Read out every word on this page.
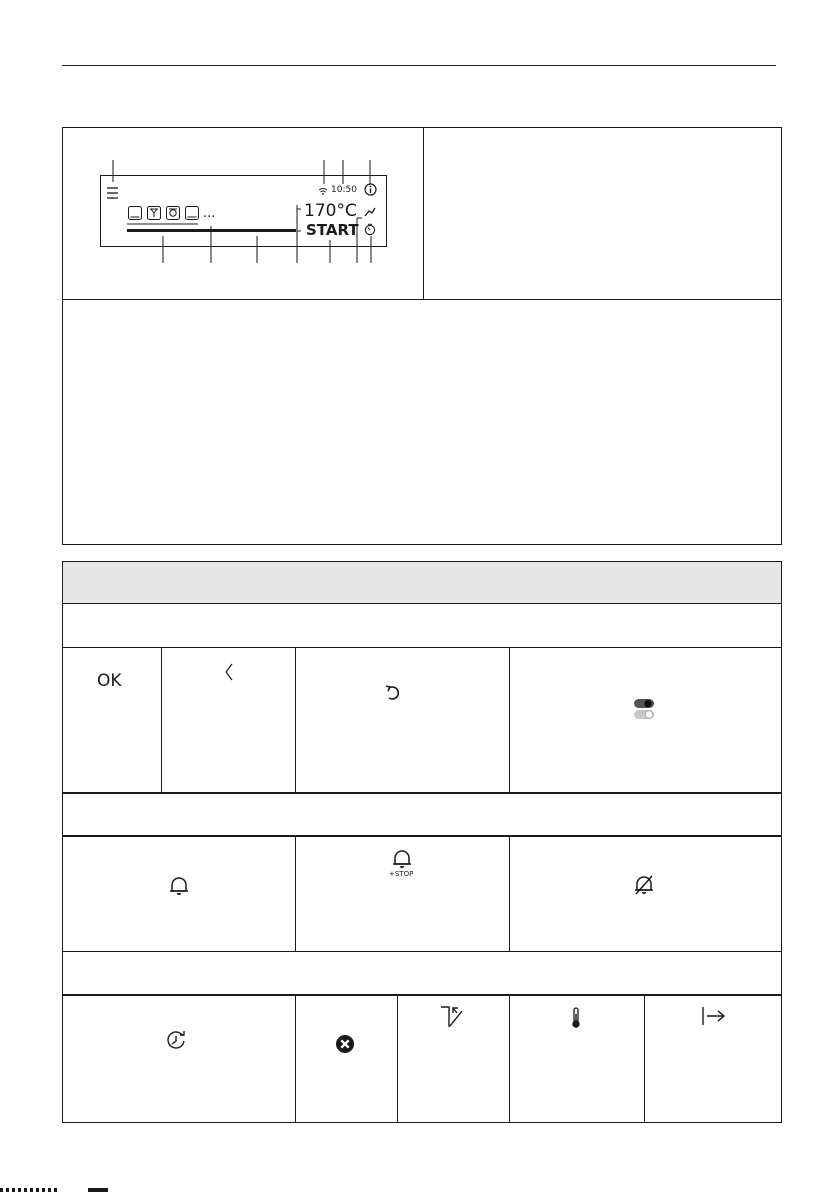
10:50
...	170°C
START
OK
+STOP
